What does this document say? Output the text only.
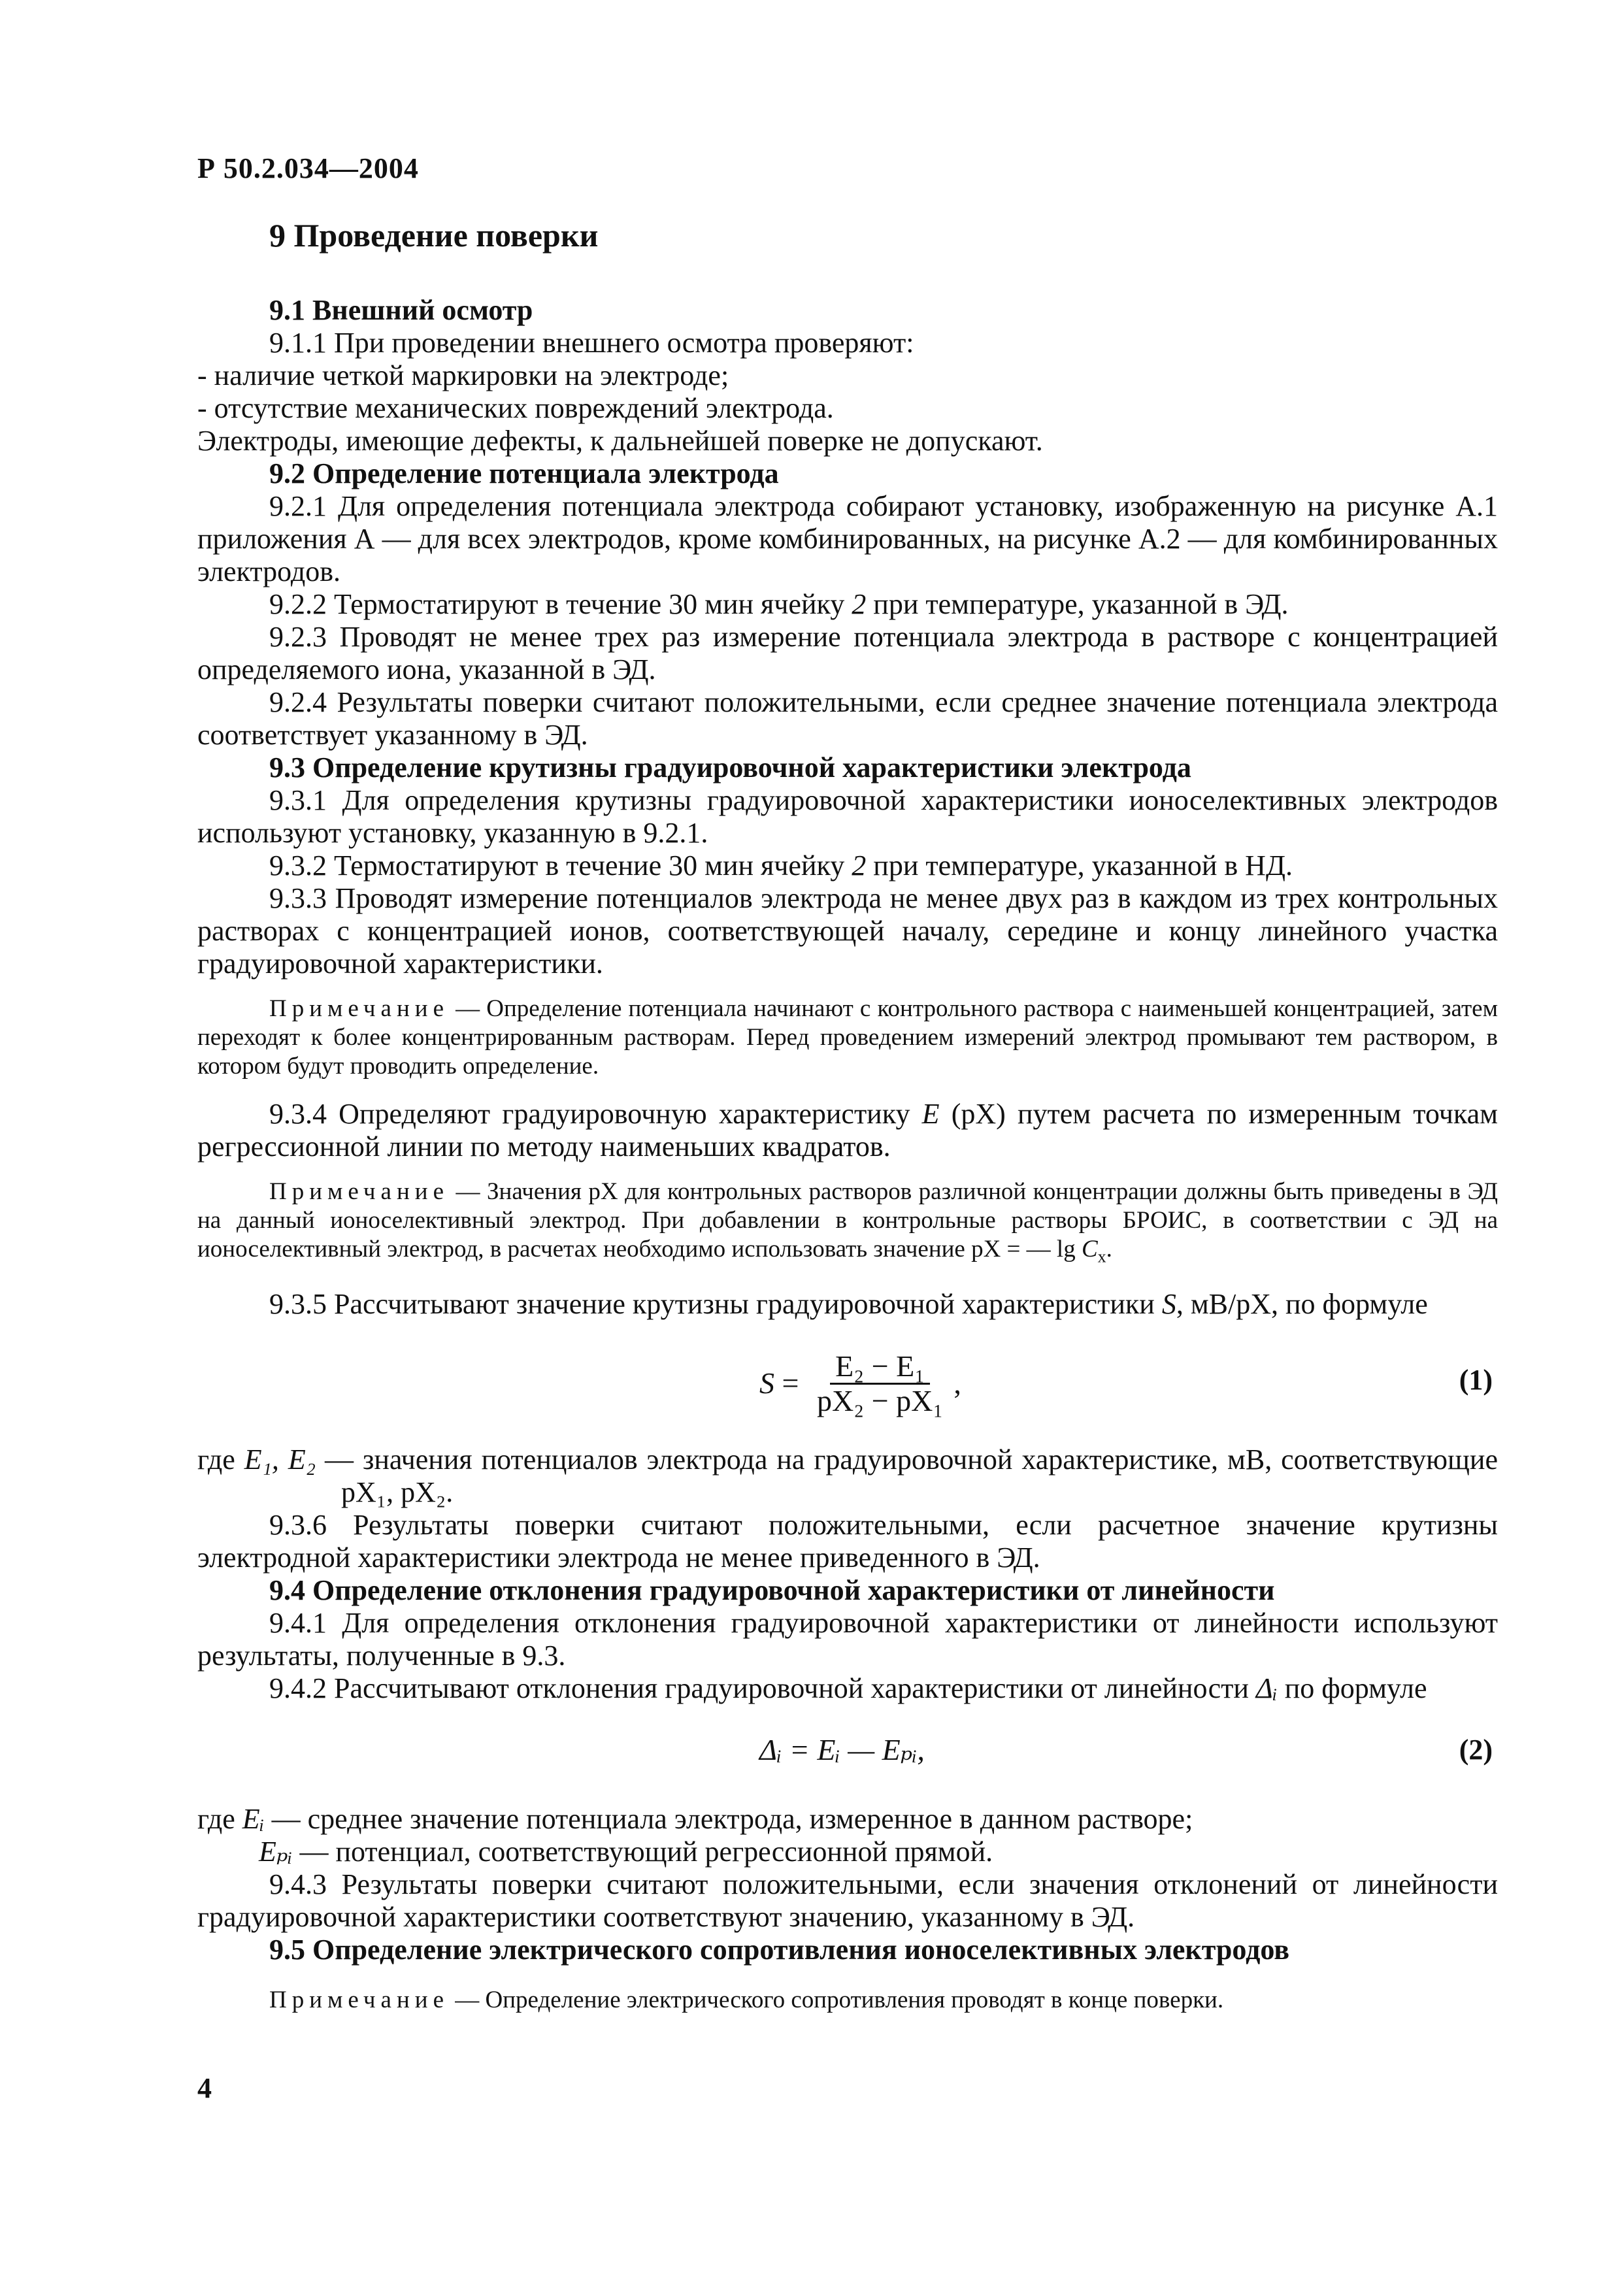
Р 50.2.034—2004
9 Проведение поверки
9.1 Внешний осмотр

9.1.1 При проведении внешнего осмотра проверяют:

- наличие четкой маркировки на электроде;

- отсутствие механических повреждений электрода.

Электроды, имеющие дефекты, к дальнейшей поверке не допускают.

9.2 Определение потенциала электрода

9.2.1 Для определения потенциала электрода собирают установку, изображенную на рисунке А.1 приложения А — для всех электродов, кроме комбинированных, на рисунке А.2 — для комбинированных электродов.

9.2.2 Термостатируют в течение 30 мин ячейку 2 при температуре, указанной в ЭД.

9.2.3 Проводят не менее трех раз измерение потенциала электрода в растворе с концентрацией определяемого иона, указанной в ЭД.

9.2.4 Результаты поверки считают положительными, если среднее значение потенциала электрода соответствует указанному в ЭД.

9.3 Определение крутизны градуировочной характеристики электрода

9.3.1 Для определения крутизны градуировочной характеристики ионоселективных электродов используют установку, указанную в 9.2.1.

9.3.2 Термостатируют в течение 30 мин ячейку 2 при температуре, указанной в НД.

9.3.3 Проводят измерение потенциалов электрода не менее двух раз в каждом из трех контрольных растворах с концентрацией ионов, соответствующей началу, середине и концу линейного участка градуировочной характеристики.

Примечание — Определение потенциала начинают с контрольного раствора с наименьшей концентрацией, затем переходят к более концентрированным растворам. Перед проведением измерений электрод промывают тем раствором, в котором будут проводить определение.

9.3.4 Определяют градуировочную характеристику E (рХ) путем расчета по измеренным точкам регрессионной линии по методу наименьших квадратов.

Примечание — Значения рХ для контрольных растворов различной концентрации должны быть приведены в ЭД на данный ионоселективный электрод. При добавлении в контрольные растворы БРОИС, в соответствии с ЭД на ионоселективный электрод, в расчетах необходимо использовать значение рХ = — $\lg C_x$.

9.3.5 Рассчитывают значение крутизны градуировочной характеристики S, мВ/рХ, по формуле

$S = \frac{\text{E₂ − E₁}}{\text{pX₂ − pX₁}}$ ,	(1)

где E₁, E₂ — значения потенциалов электрода на градуировочной характеристике, мВ, соответствующие pX₁, pX₂.

9.3.6 Результаты поверки считают положительными, если расчетное значение крутизны электродной характеристики электрода не менее приведенного в ЭД.

9.4 Определение отклонения градуировочной характеристики от линейности

9.4.1 Для определения отклонения градуировочной характеристики от линейности используют результаты, полученные в 9.3.

9.4.2 Рассчитывают отклонения градуировочной характеристики от линейности Δᵢ по формуле

Δᵢ = Eᵢ — Eₚᵢ,	(2)

где Eᵢ — среднее значение потенциала электрода, измеренное в данном растворе;

Eₚᵢ — потенциал, соответствующий регрессионной прямой.

9.4.3 Результаты поверки считают положительными, если значения отклонений от линейности градуировочной характеристики соответствуют значению, указанному в ЭД.

9.5 Определение электрического сопротивления ионоселективных электродов

Примечание — Определение электрического сопротивления проводят в конце поверки.

4
